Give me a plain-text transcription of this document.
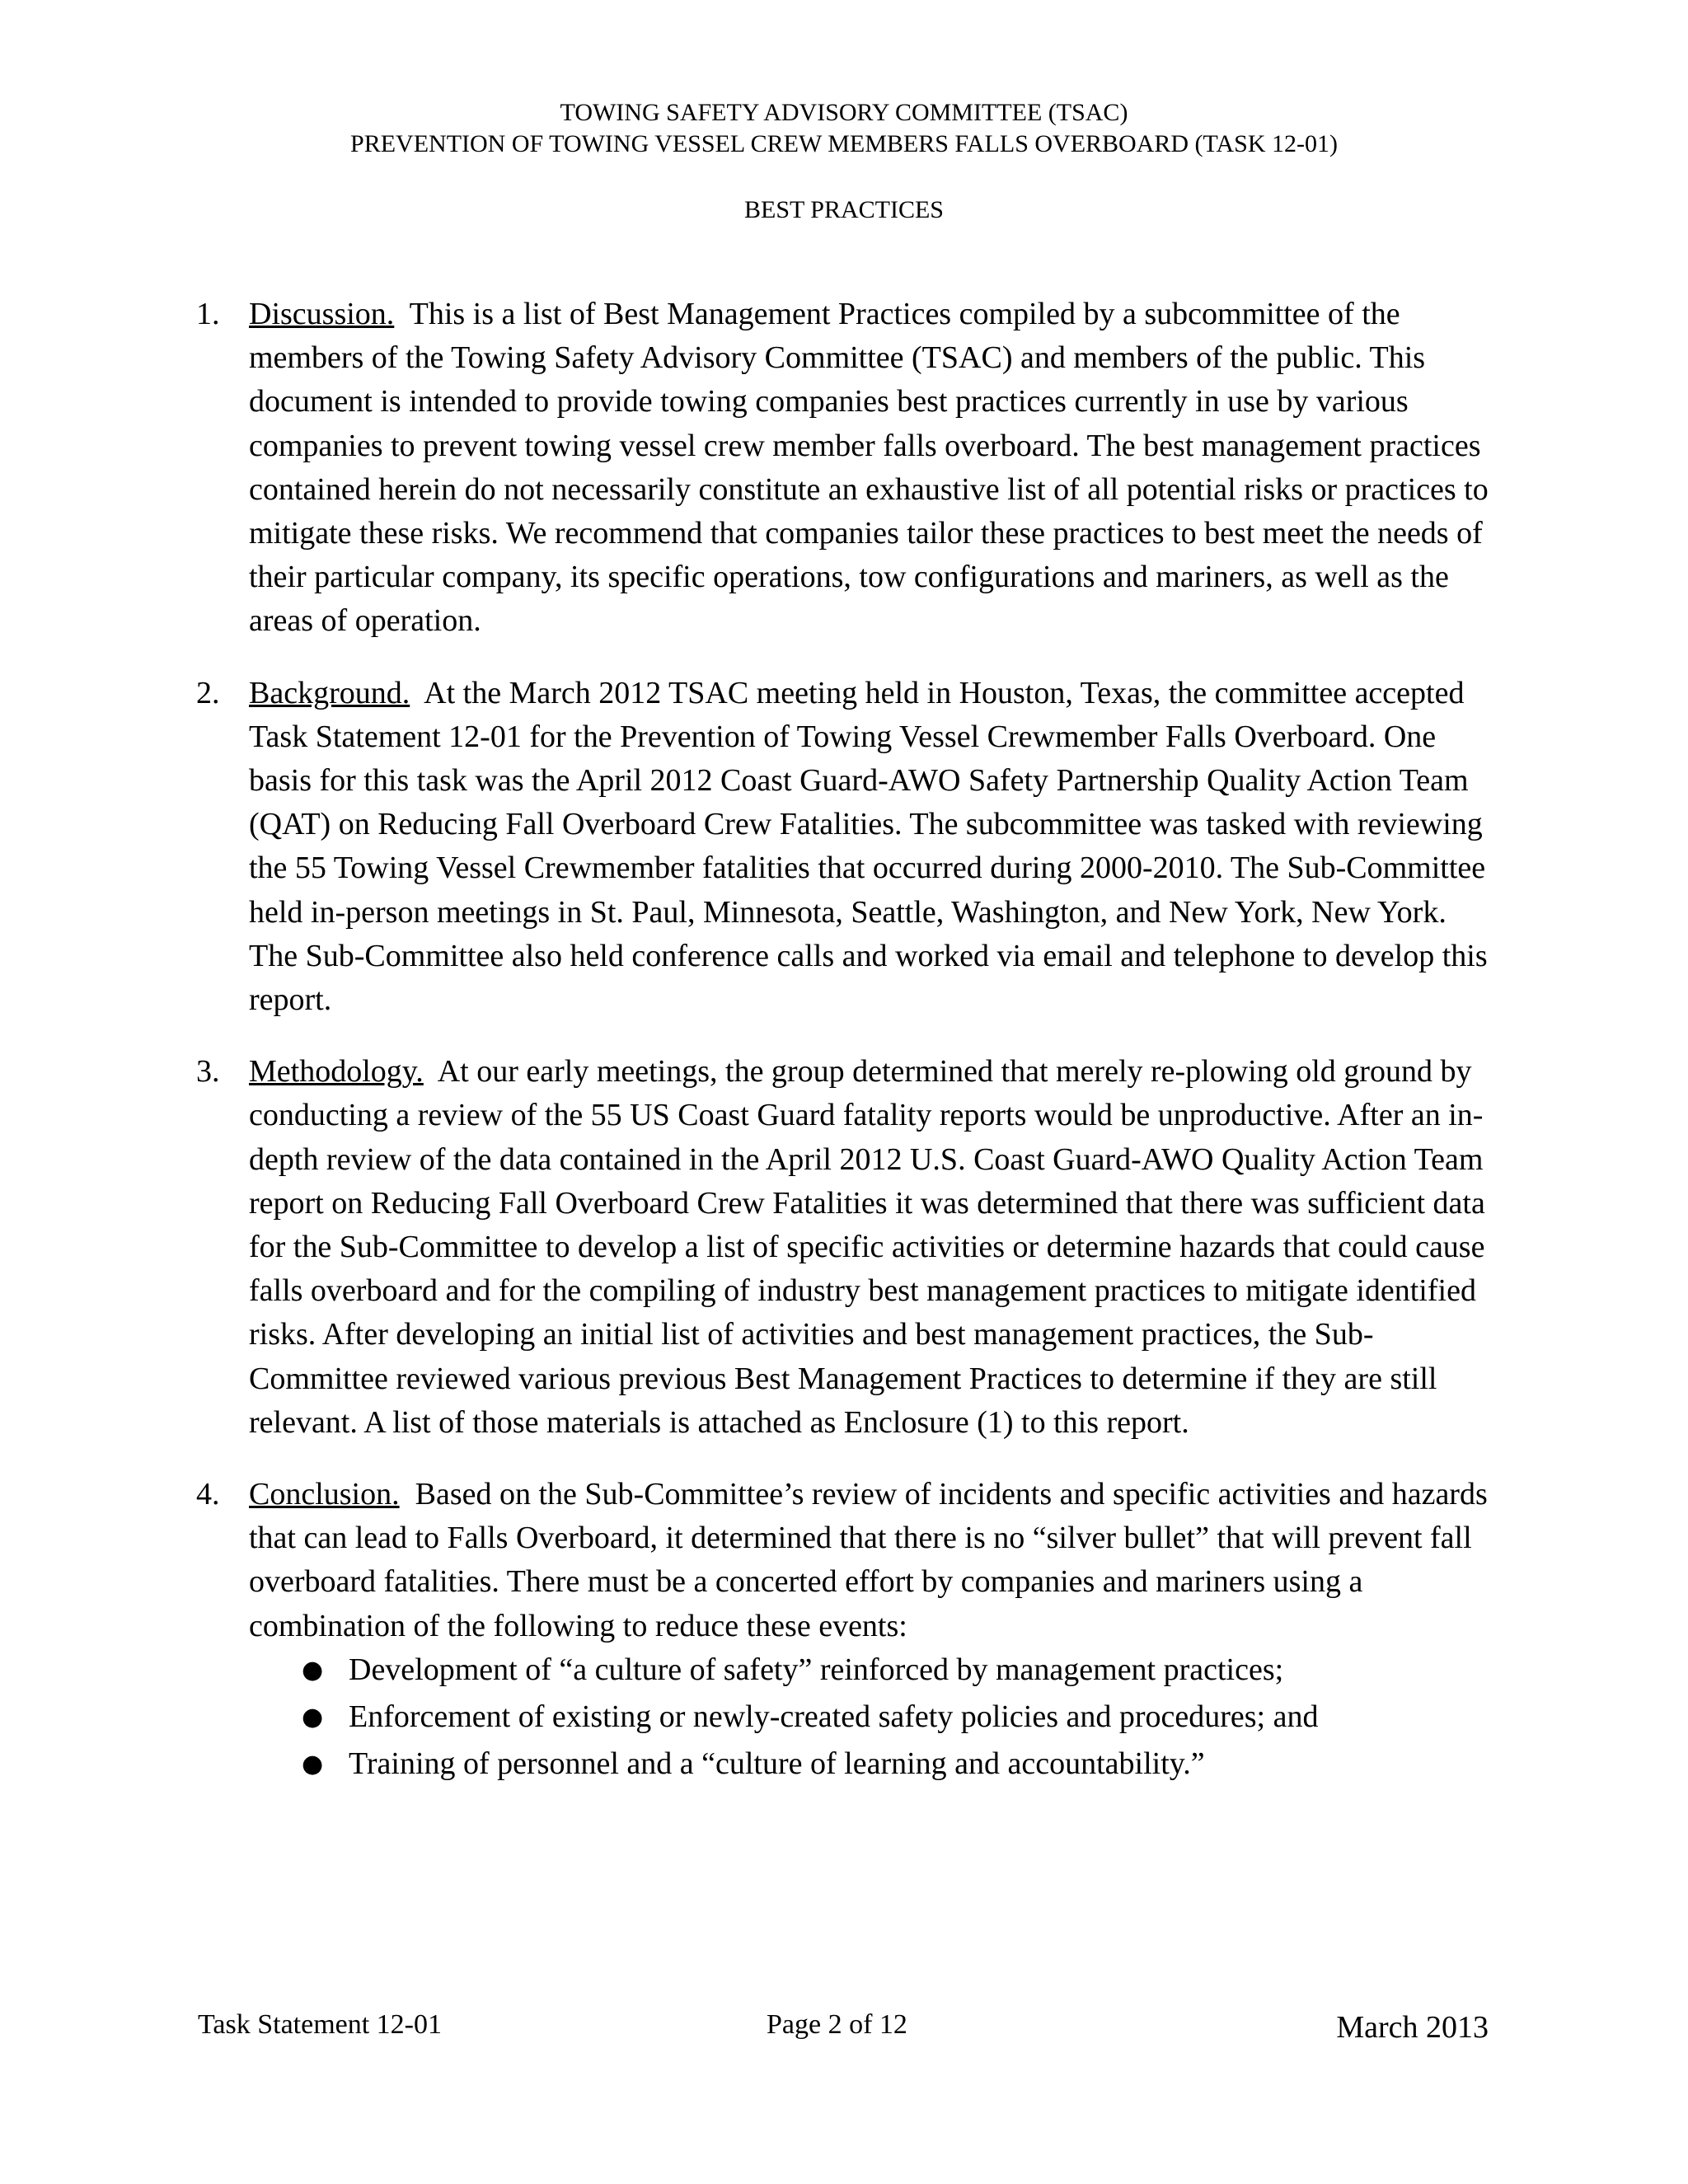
TOWING SAFETY ADVISORY COMMITTEE (TSAC)
PREVENTION OF TOWING VESSEL CREW MEMBERS FALLS OVERBOARD (TASK 12-01)
BEST PRACTICES
1. Discussion. This is a list of Best Management Practices compiled by a subcommittee of the members of the Towing Safety Advisory Committee (TSAC) and members of the public. This document is intended to provide towing companies best practices currently in use by various companies to prevent towing vessel crew member falls overboard. The best management practices contained herein do not necessarily constitute an exhaustive list of all potential risks or practices to mitigate these risks. We recommend that companies tailor these practices to best meet the needs of their particular company, its specific operations, tow configurations and mariners, as well as the areas of operation.
2. Background. At the March 2012 TSAC meeting held in Houston, Texas, the committee accepted Task Statement 12-01 for the Prevention of Towing Vessel Crewmember Falls Overboard. One basis for this task was the April 2012 Coast Guard-AWO Safety Partnership Quality Action Team (QAT) on Reducing Fall Overboard Crew Fatalities. The subcommittee was tasked with reviewing the 55 Towing Vessel Crewmember fatalities that occurred during 2000-2010. The Sub-Committee held in-person meetings in St. Paul, Minnesota, Seattle, Washington, and New York, New York. The Sub-Committee also held conference calls and worked via email and telephone to develop this report.
3. Methodology. At our early meetings, the group determined that merely re-plowing old ground by conducting a review of the 55 US Coast Guard fatality reports would be unproductive. After an in-depth review of the data contained in the April 2012 U.S. Coast Guard-AWO Quality Action Team report on Reducing Fall Overboard Crew Fatalities it was determined that there was sufficient data for the Sub-Committee to develop a list of specific activities or determine hazards that could cause falls overboard and for the compiling of industry best management practices to mitigate identified risks. After developing an initial list of activities and best management practices, the Sub-Committee reviewed various previous Best Management Practices to determine if they are still relevant. A list of those materials is attached as Enclosure (1) to this report.
4. Conclusion. Based on the Sub-Committee’s review of incidents and specific activities and hazards that can lead to Falls Overboard, it determined that there is no “silver bullet” that will prevent fall overboard fatalities. There must be a concerted effort by companies and mariners using a combination of the following to reduce these events:
● Development of “a culture of safety” reinforced by management practices;
● Enforcement of existing or newly-created safety policies and procedures; and
● Training of personnel and a “culture of learning and accountability.”
Task Statement 12-01	Page 2 of 12	March 2013
